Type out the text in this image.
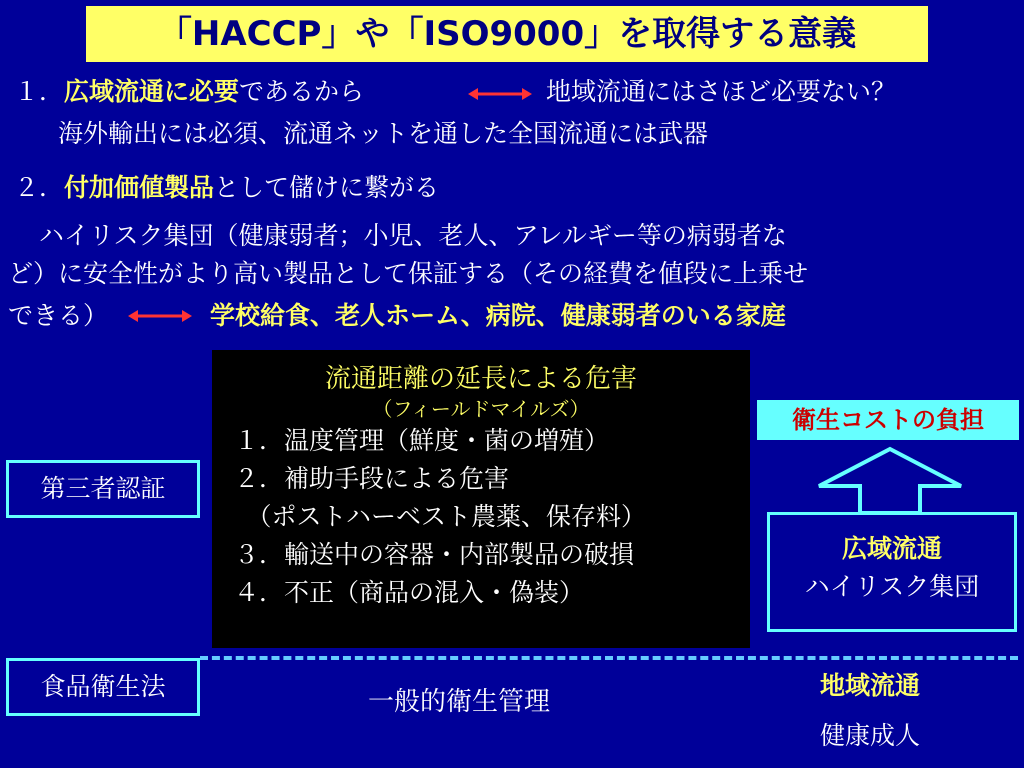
「HACCP」や「ISO9000」を取得する意義
１．広域流通に必要であるから	地域流通にはさほど必要ない？
海外輸出には必須、流通ネットを通した全国流通には武器
２．付加価値製品として儲けに繋がる
　ハイリスク集団（健康弱者；小児、老人、アレルギー等の病弱者な
ど）に安全性がより高い製品として保証する（その経費を値段に上乗せ
できる）	学校給食、老人ホーム、病院、健康弱者のいる家庭
流通距離の延長による危害
（フィールドマイルズ）
１．温度管理（鮮度・菌の増殖）
２．補助手段による危害
　（ポストハーベスト農薬、保存料）
３．輸送中の容器・内部製品の破損
４．不正（商品の混入・偽装）
第三者認証
食品衛生法
一般的衛生管理
衛生コストの負担
広域流通
ハイリスク集団
地域流通
健康成人
